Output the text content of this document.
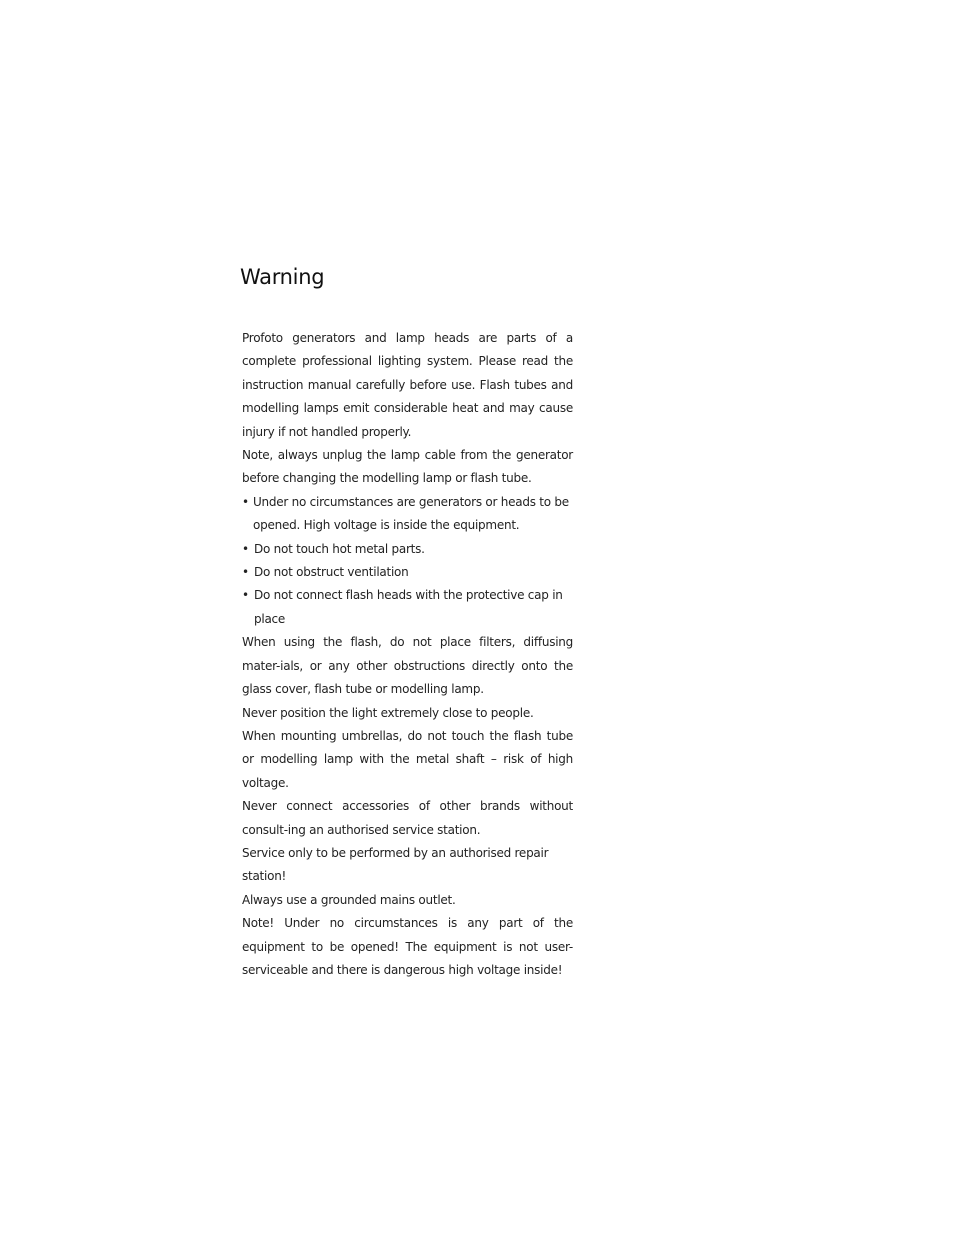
Warning

Profoto generators and lamp heads are parts of a complete professional lighting system. Please read the instruction manual carefully before use. Flash tubes and modelling lamps emit considerable heat and may cause injury if not handled properly.

Note, always unplug the lamp cable from the generator before changing the modelling lamp or flash tube.

• Under no circumstances are generators or heads to be opened. High voltage is inside the equipment.
• Do not touch hot metal parts.
• Do not obstruct ventilation
• Do not connect flash heads with the protective cap in place

When using the flash, do not place filters, diffusing mater-ials, or any other obstructions directly onto the glass cover, flash tube or modelling lamp.

Never position the light extremely close to people.

When mounting umbrellas, do not touch the flash tube or modelling lamp with the metal shaft – risk of high voltage.

Never connect accessories of other brands without consult-ing an authorised service station.

Service only to be performed by an authorised repair station!

Always use a grounded mains outlet.

Note! Under no circumstances is any part of the equipment to be opened! The equipment is not user-serviceable and there is dangerous high voltage inside!
